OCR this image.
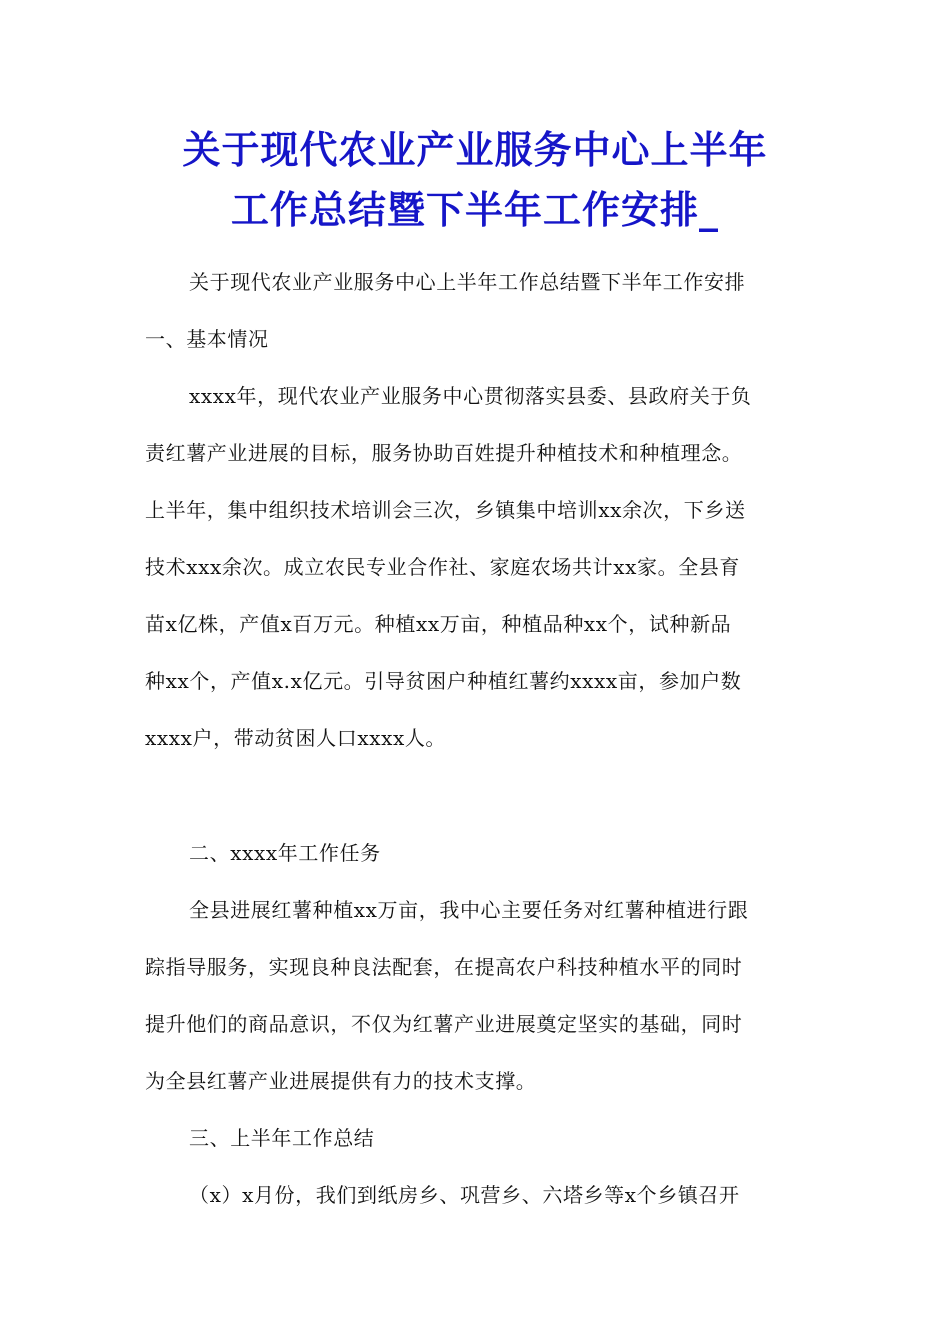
关于现代农业产业服务中心上半年
工作总结暨下半年工作安排_
关于现代农业产业服务中心上半年工作总结暨下半年工作安排
一、基本情况
xxxx年，现代农业产业服务中心贯彻落实县委、县政府关于负
责红薯产业进展的目标，服务协助百姓提升种植技术和种植理念。
上半年，集中组织技术培训会三次，乡镇集中培训xx余次，下乡送
技术xxx余次。成立农民专业合作社、家庭农场共计xx家。全县育
苗x亿株，产值x百万元。种植xx万亩，种植品种xx个，试种新品
种xx个，产值x.x亿元。引导贫困户种植红薯约xxxx亩，参加户数
xxxx户，带动贫困人口xxxx人。
二、xxxx年工作任务
全县进展红薯种植xx万亩，我中心主要任务对红薯种植进行跟
踪指导服务，实现良种良法配套，在提高农户科技种植水平的同时
提升他们的商品意识，不仅为红薯产业进展奠定坚实的基础，同时
为全县红薯产业进展提供有力的技术支撑。
三、上半年工作总结
（x）x月份，我们到纸房乡、巩营乡、六塔乡等x个乡镇召开
